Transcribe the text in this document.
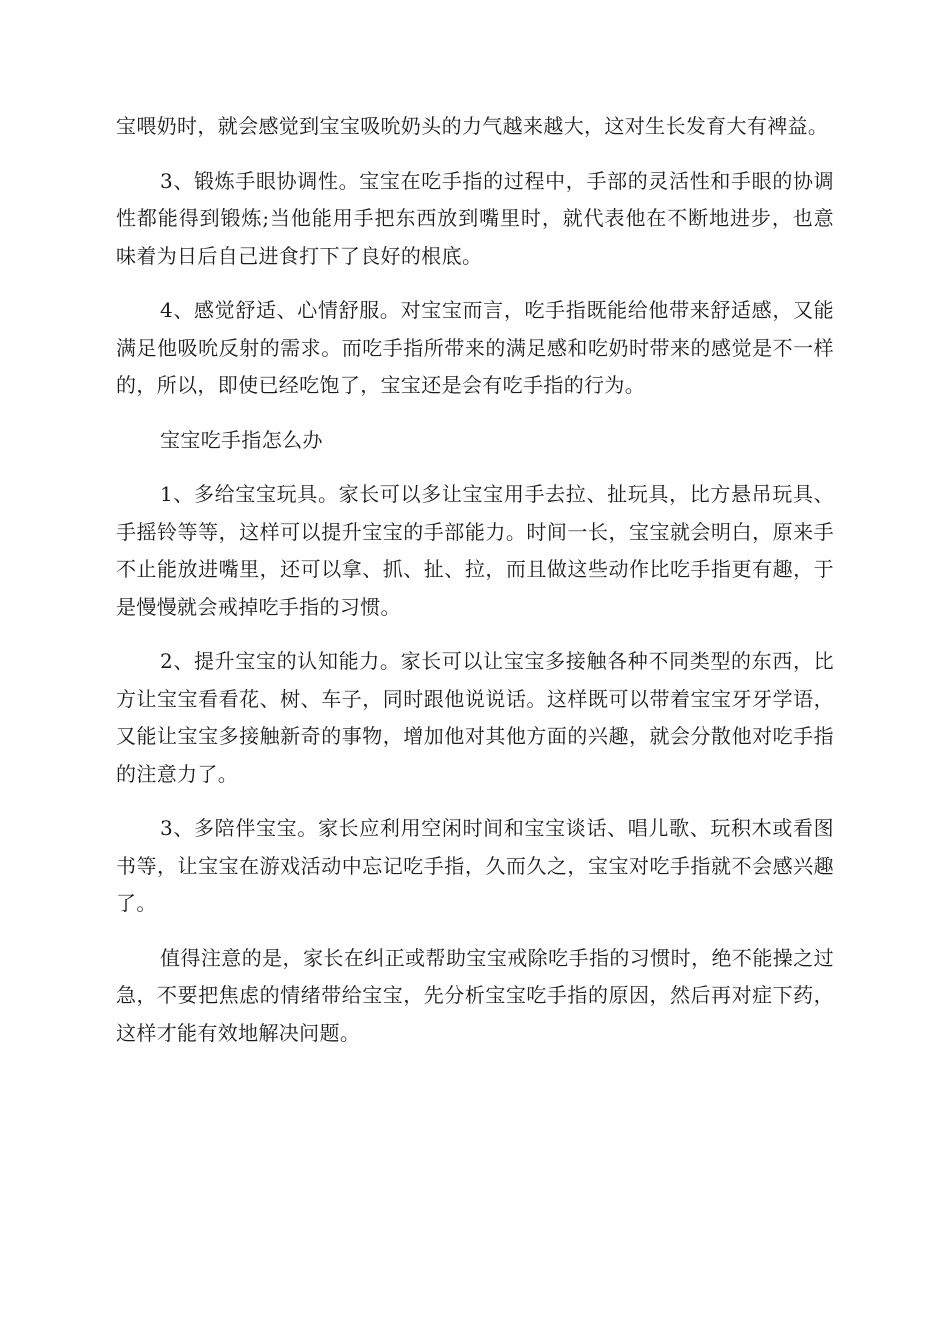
宝喂奶时，就会感觉到宝宝吸吮奶头的力气越来越大，这对生长发育大有裨益。

3、锻炼手眼协调性。宝宝在吃手指的过程中，手部的灵活性和手眼的协调性都能得到锻炼;当他能用手把东西放到嘴里时，就代表他在不断地进步，也意味着为日后自己进食打下了良好的根底。

4、感觉舒适、心情舒服。对宝宝而言，吃手指既能给他带来舒适感，又能满足他吸吮反射的需求。而吃手指所带来的满足感和吃奶时带来的感觉是不一样的，所以，即使已经吃饱了，宝宝还是会有吃手指的行为。

宝宝吃手指怎么办

1、多给宝宝玩具。家长可以多让宝宝用手去拉、扯玩具，比方悬吊玩具、手摇铃等等，这样可以提升宝宝的手部能力。时间一长，宝宝就会明白，原来手不止能放进嘴里，还可以拿、抓、扯、拉，而且做这些动作比吃手指更有趣，于是慢慢就会戒掉吃手指的习惯。

2、提升宝宝的认知能力。家长可以让宝宝多接触各种不同类型的东西，比方让宝宝看看花、树、车子，同时跟他说说话。这样既可以带着宝宝牙牙学语，又能让宝宝多接触新奇的事物，增加他对其他方面的兴趣，就会分散他对吃手指的注意力了。

3、多陪伴宝宝。家长应利用空闲时间和宝宝谈话、唱儿歌、玩积木或看图书等，让宝宝在游戏活动中忘记吃手指，久而久之，宝宝对吃手指就不会感兴趣了。

值得注意的是，家长在纠正或帮助宝宝戒除吃手指的习惯时，绝不能操之过急，不要把焦虑的情绪带给宝宝，先分析宝宝吃手指的原因，然后再对症下药，这样才能有效地解决问题。
